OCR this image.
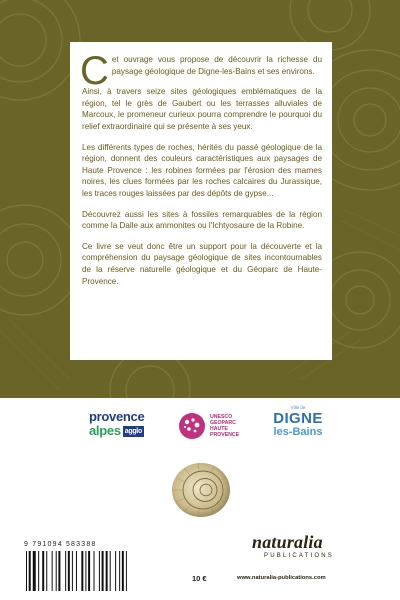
Cet ouvrage vous propose de découvrir la richesse du paysage géologique de Digne-les-Bains et ses environs.

Ainsi, à travers seize sites géologiques emblématiques de la région, tel le grès de Gaubert ou les terrasses alluviales de Marcoux, le promeneur curieux pourra comprendre le pourquoi du relief extraordinaire qui se présente à ses yeux.

Les différents types de roches, hérités du passé géologique de la région, donnent des couleurs caractéristiques aux paysages de Haute Provence : les robines formées par l'érosion des marnes noires, les clues formées par les roches calcaires du Jurassique, les traces rouges laissées par des dépôts de gypse...

Découvrez aussi les sites à fossiles remarquables de la région comme la Dalle aux ammonites ou l'Ichtyosaure de la Robine.

Ce livre se veut donc être un support pour la découverte et la compréhension du paysage géologique de sites incontournables de la réserve naturelle géologique et du Géoparc de Haute-Provence.

provence
alpes agglo
UNESCO
GEOPARC
HAUTE
PROVENCE
Ville de
DIGNE
les-Bains
9 791094 583388
10 €
naturalia
PUBLICATIONS
www.naturalia-publications.com
